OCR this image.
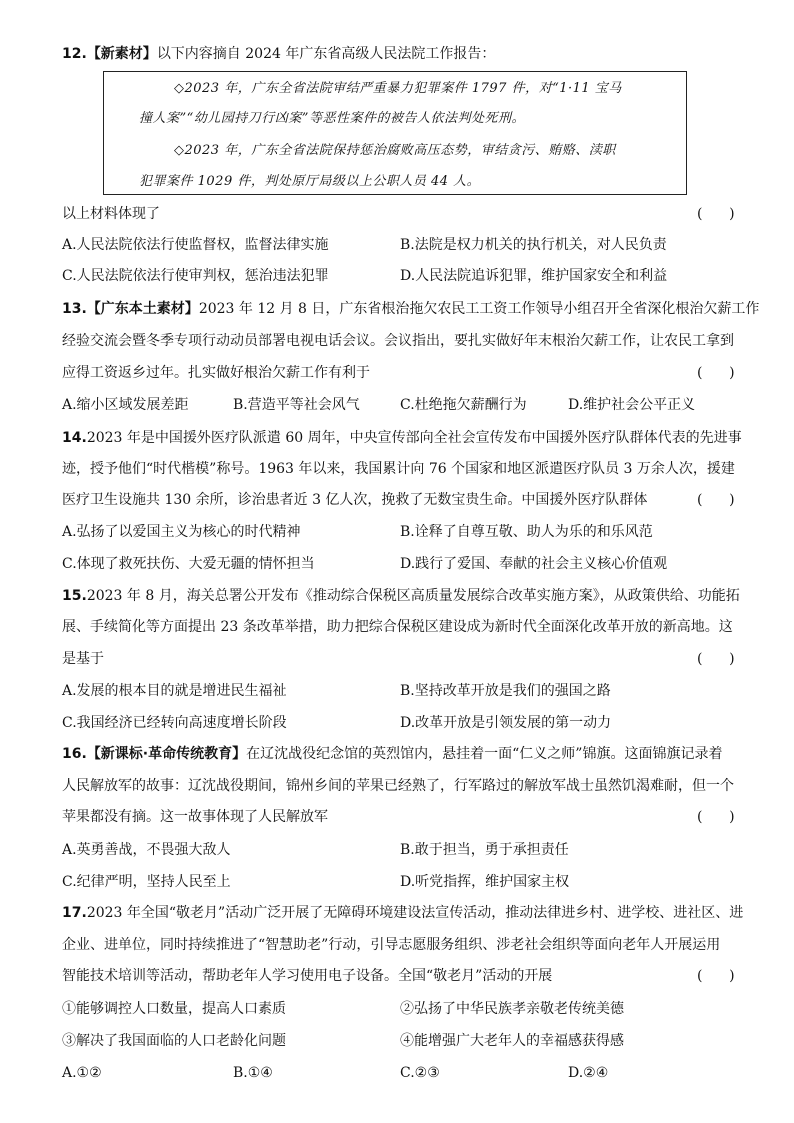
12.【新素材】以下内容摘自 2024 年广东省高级人民法院工作报告：
◇2023 年，广东全省法院审结严重暴力犯罪案件 1797 件，对“1·11 宝马
撞人案”“幼儿园持刀行凶案”等恶性案件的被告人依法判处死刑。
◇2023 年，广东全省法院保持惩治腐败高压态势，审结贪污、贿赂、渎职
犯罪案件 1029 件，判处原厅局级以上公职人员 44 人。
以上材料体现了	(      )
A.人民法院依法行使监督权，监督法律实施	B.法院是权力机关的执行机关，对人民负责
C.人民法院依法行使审判权，惩治违法犯罪	D.人民法院追诉犯罪，维护国家安全和利益
13.【广东本土素材】2023 年 12 月 8 日，广东省根治拖欠农民工工资工作领导小组召开全省深化根治欠薪工作
经验交流会暨冬季专项行动动员部署电视电话会议。会议指出，要扎实做好年末根治欠薪工作，让农民工拿到
应得工资返乡过年。扎实做好根治欠薪工作有利于	(      )
A.缩小区域发展差距	B.营造平等社会风气	C.杜绝拖欠薪酬行为	D.维护社会公平正义
14.2023 年是中国援外医疗队派遣 60 周年，中央宣传部向全社会宣传发布中国援外医疗队群体代表的先进事
迹，授予他们“时代楷模”称号。1963 年以来，我国累计向 76 个国家和地区派遣医疗队员 3 万余人次，援建
医疗卫生设施共 130 余所，诊治患者近 3 亿人次，挽救了无数宝贵生命。中国援外医疗队群体	(      )
A.弘扬了以爱国主义为核心的时代精神	B.诠释了自尊互敬、助人为乐的和乐风范
C.体现了救死扶伤、大爱无疆的情怀担当	D.践行了爱国、奉献的社会主义核心价值观
15.2023 年 8 月，海关总署公开发布《推动综合保税区高质量发展综合改革实施方案》，从政策供给、功能拓
展、手续简化等方面提出 23 条改革举措，助力把综合保税区建设成为新时代全面深化改革开放的新高地。这
是基于	(      )
A.发展的根本目的就是增进民生福祉	B.坚持改革开放是我们的强国之路
C.我国经济已经转向高速度增长阶段	D.改革开放是引领发展的第一动力
16.【新课标·革命传统教育】在辽沈战役纪念馆的英烈馆内，悬挂着一面“仁义之师”锦旗。这面锦旗记录着
人民解放军的故事：辽沈战役期间，锦州乡间的苹果已经熟了，行军路过的解放军战士虽然饥渴难耐，但一个
苹果都没有摘。这一故事体现了人民解放军	(      )
A.英勇善战，不畏强大敌人	B.敢于担当，勇于承担责任
C.纪律严明，坚持人民至上	D.听党指挥，维护国家主权
17.2023 年全国“敬老月”活动广泛开展了无障碍环境建设法宣传活动，推动法律进乡村、进学校、进社区、进
企业、进单位，同时持续推进了“智慧助老”行动，引导志愿服务组织、涉老社会组织等面向老年人开展运用
智能技术培训等活动，帮助老年人学习使用电子设备。全国“敬老月”活动的开展	(      )
①能够调控人口数量，提高人口素质	②弘扬了中华民族孝亲敬老传统美德
③解决了我国面临的人口老龄化问题	④能增强广大老年人的幸福感获得感
A.①②	B.①④	C.②③	D.②④
